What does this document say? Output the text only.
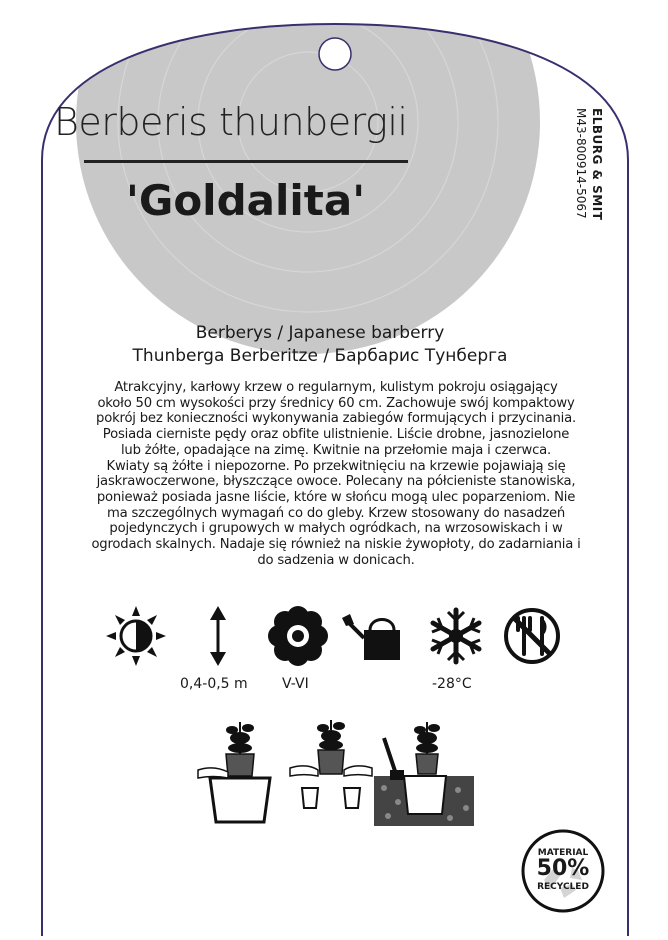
Berberis thunbergii
'Goldalita'	ELBURG & SMIT
M43-800914-5067
Berberys / Japanese barberry
Thunberga Berberitze / Барбарис Тунберга
Atrakcyjny, karłowy krzew o regularnym, kulistym pokroju osiągający
około 50 cm wysokości przy średnicy 60 cm. Zachowuje swój kompaktowy
pokrój bez konieczności wykonywania zabiegów formujących i przycinania.
Posiada cierniste pędy oraz obfite ulistnienie. Liście drobne, jasnozielone
lub żółte, opadające na zimę. Kwitnie na przełomie maja i czerwca.
Kwiaty są żółte i niepozorne. Po przekwitnięciu na krzewie pojawiają się
jaskrawoczerwone, błyszczące owoce. Polecany na półcieniste stanowiska,
ponieważ posiada jasne liście, które w słońcu mogą ulec poparzeniom. Nie
ma szczególnych wymagań co do gleby. Krzew stosowany do nasadzeń
pojedynczych i grupowych w małych ogródkach, na wrzosowiskach i w
ogrodach skalnych. Nadaje się również na niskie żywopłoty, do zadarniania i
do sadzenia w donicach.
0,4-0,5 m V-VI	-28°C
MATERIAL
50%
RECYCLED
